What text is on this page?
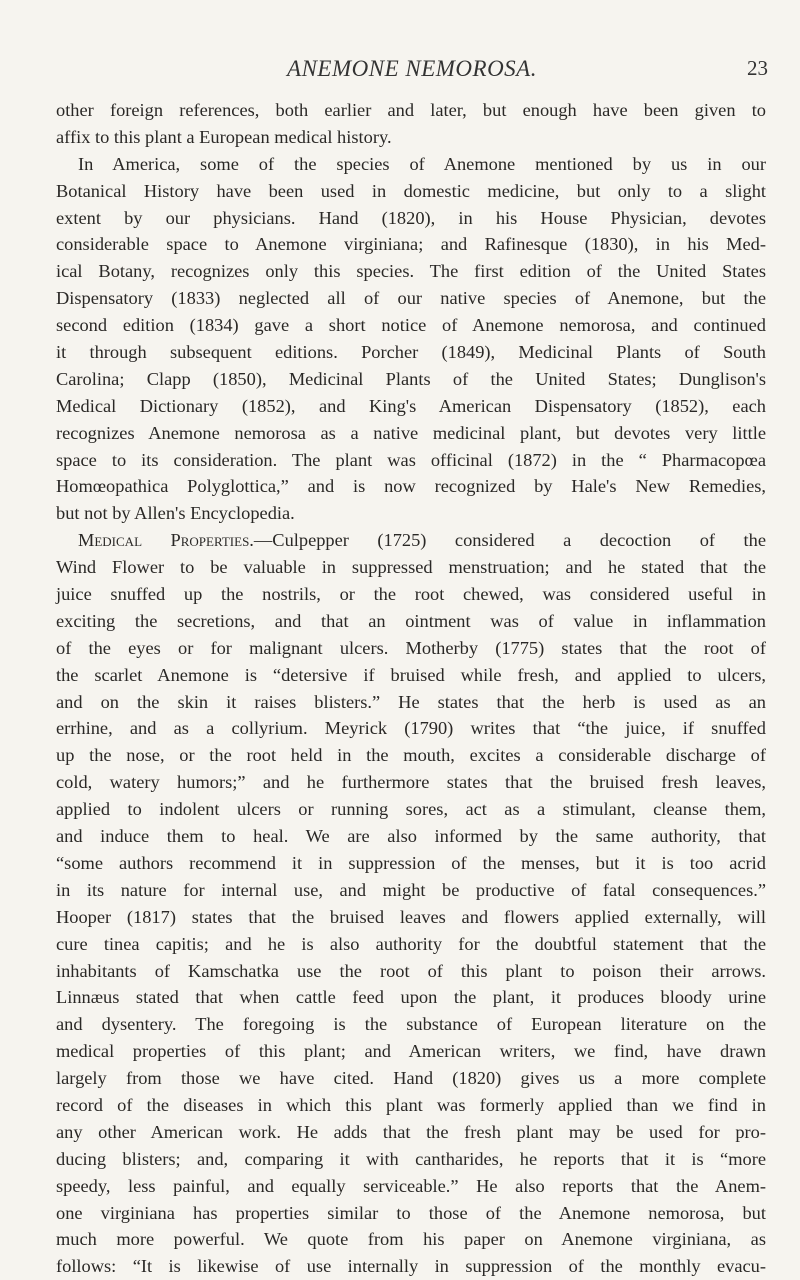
ANEMONE NEMOROSA.	23
other foreign references, both earlier and later, but enough have been given to
affix to this plant a European medical history.
In America, some of the species of Anemone mentioned by us in our
Botanical History have been used in domestic medicine, but only to a slight
extent by our physicians. Hand (1820), in his House Physician, devotes
considerable space to Anemone virginiana; and Rafinesque (1830), in his Med-
ical Botany, recognizes only this species. The first edition of the United States
Dispensatory (1833) neglected all of our native species of Anemone, but the
second edition (1834) gave a short notice of Anemone nemorosa, and continued
it through subsequent editions. Porcher (1849), Medicinal Plants of South
Carolina; Clapp (1850), Medicinal Plants of the United States; Dunglison's
Medical Dictionary (1852), and King's American Dispensatory (1852), each
recognizes Anemone nemorosa as a native medicinal plant, but devotes very little
space to its consideration. The plant was officinal (1872) in the “ Pharmacopœa
Homœopathica Polyglottica,” and is now recognized by Hale's New Remedies,
but not by Allen's Encyclopedia.
Medical Properties.—Culpepper (1725) considered a decoction of the
Wind Flower to be valuable in suppressed menstruation; and he stated that the
juice snuffed up the nostrils, or the root chewed, was considered useful in
exciting the secretions, and that an ointment was of value in inflammation
of the eyes or for malignant ulcers. Motherby (1775) states that the root of
the scarlet Anemone is “detersive if bruised while fresh, and applied to ulcers,
and on the skin it raises blisters.” He states that the herb is used as an
errhine, and as a collyrium. Meyrick (1790) writes that “the juice, if snuffed
up the nose, or the root held in the mouth, excites a considerable discharge of
cold, watery humors;” and he furthermore states that the bruised fresh leaves,
applied to indolent ulcers or running sores, act as a stimulant, cleanse them,
and induce them to heal. We are also informed by the same authority, that
“some authors recommend it in suppression of the menses, but it is too acrid
in its nature for internal use, and might be productive of fatal consequences.”
Hooper (1817) states that the bruised leaves and flowers applied externally, will
cure tinea capitis; and he is also authority for the doubtful statement that the
inhabitants of Kamschatka use the root of this plant to poison their arrows.
Linnæus stated that when cattle feed upon the plant, it produces bloody urine
and dysentery. The foregoing is the substance of European literature on the
medical properties of this plant; and American writers, we find, have drawn
largely from those we have cited. Hand (1820) gives us a more complete
record of the diseases in which this plant was formerly applied than we find in
any other American work. He adds that the fresh plant may be used for pro-
ducing blisters; and, comparing it with cantharides, he reports that it is “more
speedy, less painful, and equally serviceable.” He also reports that the Anem-
one virginiana has properties similar to those of the Anemone nemorosa, but
much more powerful. We quote from his paper on Anemone virginiana, as
follows: “It is likewise of use internally in suppression of the monthly evacu-
